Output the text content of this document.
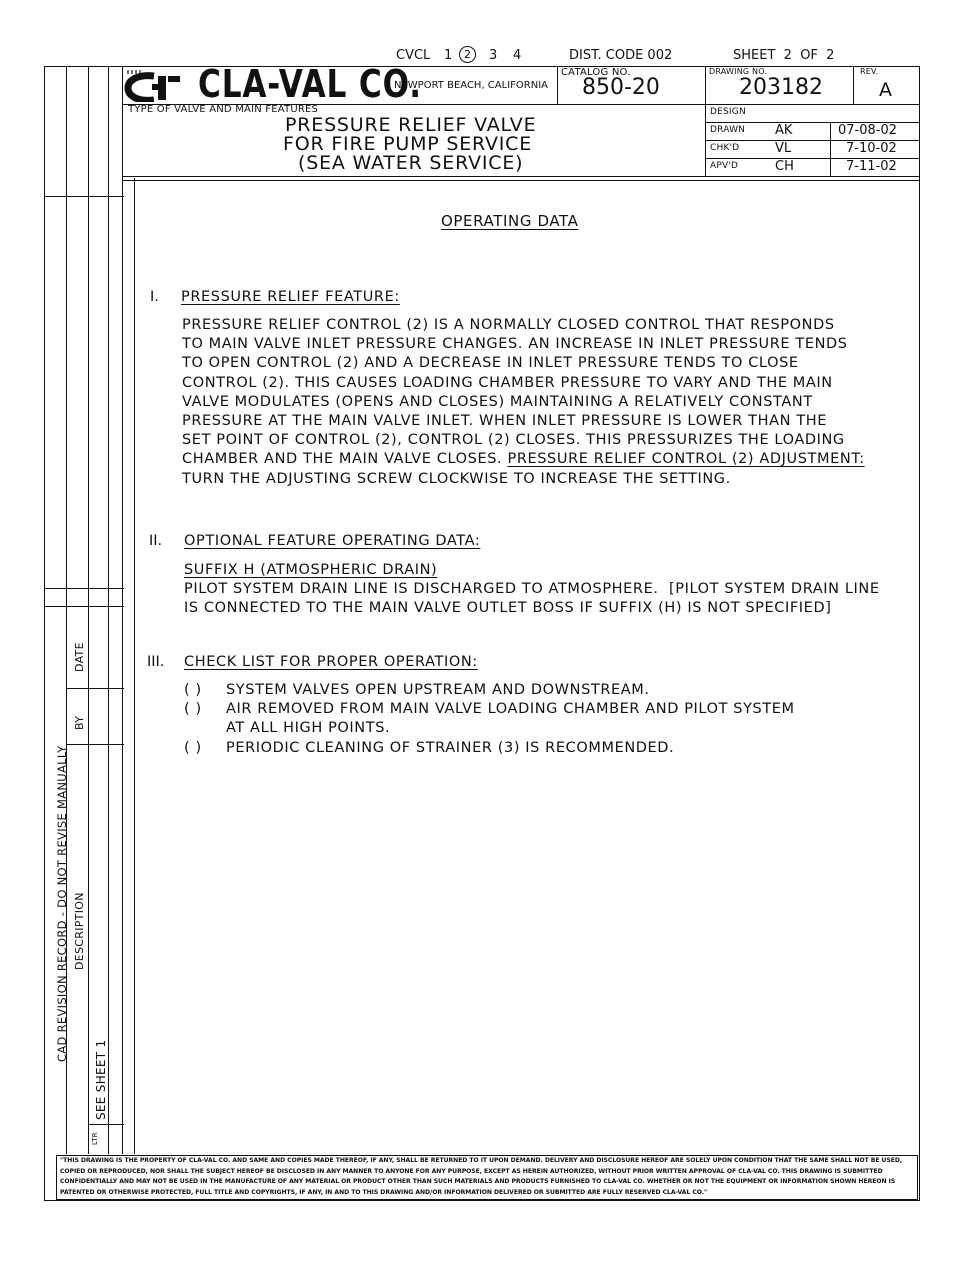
CVCL 1	2	3 4	DIST. CODE 002	SHEET  2  OF  2
CAD REVISION RECORD - DO NOT REVISE MANUALLY
DATE
BY
DESCRIPTION
SEE SHEET 1
LTR
CLA-VAL CO.
NEWPORT BEACH, CALIFORNIA
CATALOG NO.
850-20
DRAWING NO.
203182
REV.
A
TYPE OF VALVE AND MAIN FEATURES
PRESSURE RELIEF VALVE
FOR FIRE PUMP SERVICE
(SEA WATER SERVICE)
DESIGN
DRAWN AK	07-08-02
CHK'D	VL	7-10-02
APV'D	CH	7-11-02
OPERATING DATA
I. PRESSURE RELIEF FEATURE:
PRESSURE RELIEF CONTROL (2) IS A NORMALLY CLOSED CONTROL THAT RESPONDS
TO MAIN VALVE INLET PRESSURE CHANGES. AN INCREASE IN INLET PRESSURE TENDS
TO OPEN CONTROL (2) AND A DECREASE IN INLET PRESSURE TENDS TO CLOSE
CONTROL (2). THIS CAUSES LOADING CHAMBER PRESSURE TO VARY AND THE MAIN
VALVE MODULATES (OPENS AND CLOSES) MAINTAINING A RELATIVELY CONSTANT
PRESSURE AT THE MAIN VALVE INLET. WHEN INLET PRESSURE IS LOWER THAN THE
SET POINT OF CONTROL (2), CONTROL (2) CLOSES. THIS PRESSURIZES THE LOADING
CHAMBER AND THE MAIN VALVE CLOSES. PRESSURE RELIEF CONTROL (2) ADJUSTMENT:
TURN THE ADJUSTING SCREW CLOCKWISE TO INCREASE THE SETTING.
II. OPTIONAL FEATURE OPERATING DATA:
SUFFIX H (ATMOSPHERIC DRAIN)
PILOT SYSTEM DRAIN LINE IS DISCHARGED TO ATMOSPHERE.  [PILOT SYSTEM DRAIN LINE
IS CONNECTED TO THE MAIN VALVE OUTLET BOSS IF SUFFIX (H) IS NOT SPECIFIED]
III. CHECK LIST FOR PROPER OPERATION:
( ) SYSTEM VALVES OPEN UPSTREAM AND DOWNSTREAM.
( ) AIR REMOVED FROM MAIN VALVE LOADING CHAMBER AND PILOT SYSTEM
AT ALL HIGH POINTS.
( ) PERIODIC CLEANING OF STRAINER (3) IS RECOMMENDED.
"THIS DRAWING IS THE PROPERTY OF CLA-VAL CO. AND SAME AND COPIES MADE THEREOF, IF ANY, SHALL BE RETURNED TO IT UPON DEMAND. DELIVERY AND DISCLOSURE HEREOF ARE SOLELY UPON CONDITION THAT THE SAME SHALL NOT BE USED, COPIED OR REPRODUCED, NOR SHALL THE SUBJECT HEREOF BE DISCLOSED IN ANY MANNER TO ANYONE FOR ANY PURPOSE, EXCEPT AS HEREIN AUTHORIZED, WITHOUT PRIOR WRITTEN APPROVAL OF CLA-VAL CO. THIS DRAWING IS SUBMITTED CONFIDENTIALLY AND MAY NOT BE USED IN THE MANUFACTURE OF ANY MATERIAL OR PRODUCT OTHER THAN SUCH MATERIALS AND PRODUCTS FURNISHED TO CLA-VAL CO. WHETHER OR NOT THE EQUIPMENT OR INFORMATION SHOWN HEREON IS PATENTED OR OTHERWISE PROTECTED, FULL TITLE AND COPYRIGHTS, IF ANY, IN AND TO THIS DRAWING AND/OR INFORMATION DELIVERED OR SUBMITTED ARE FULLY RESERVED CLA-VAL CO."
